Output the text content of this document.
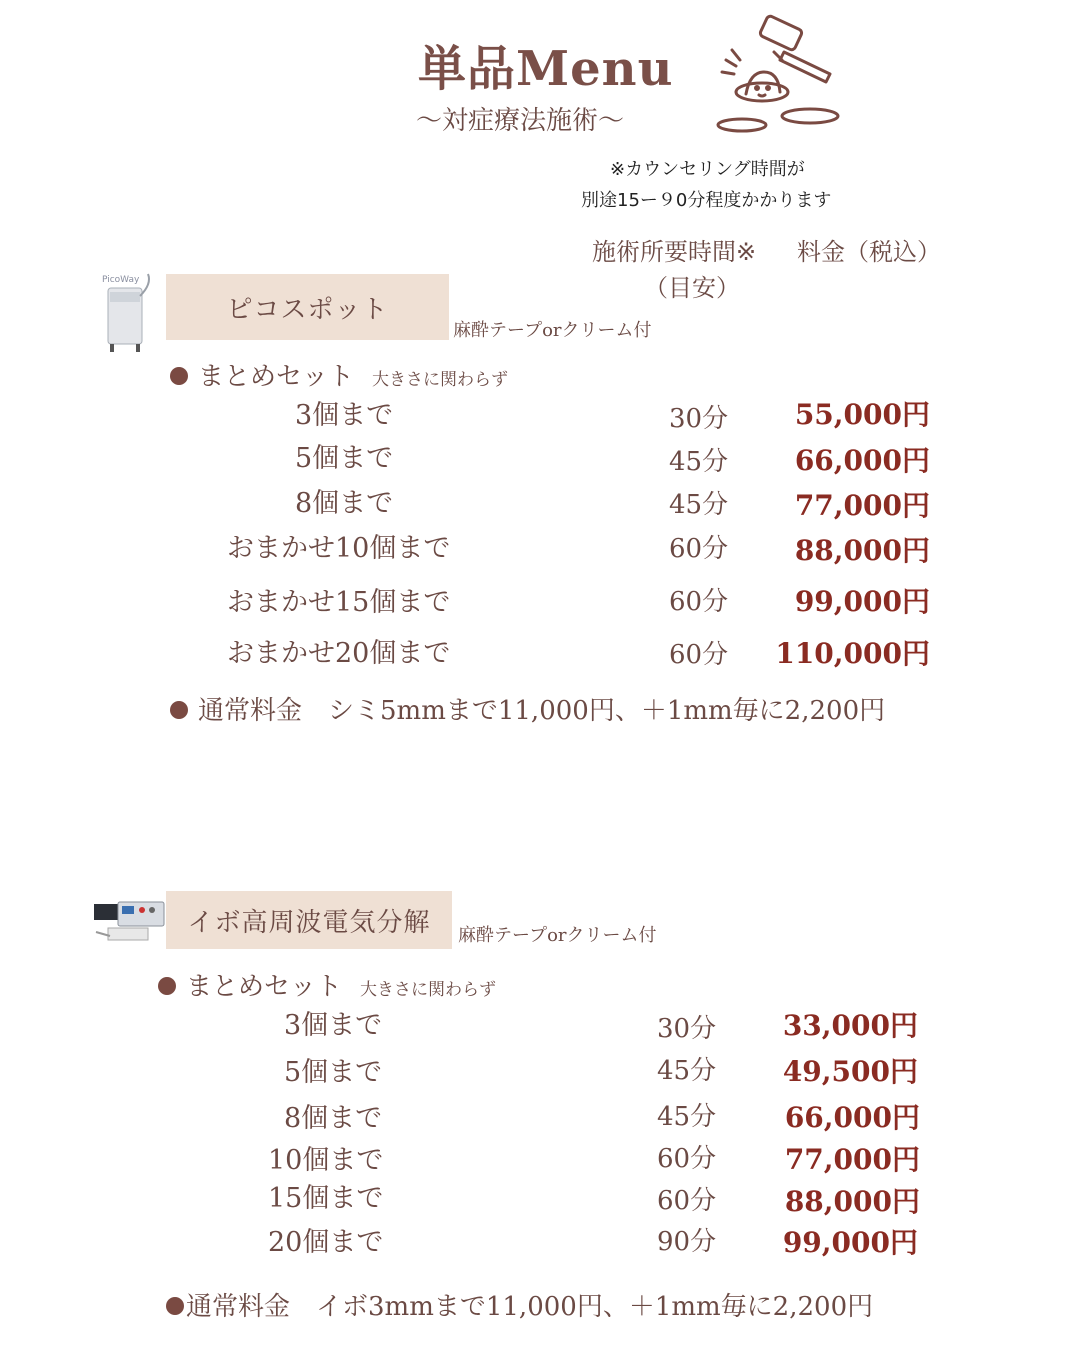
単品Menu
〜対症療法施術〜
※カウンセリング時間が
別途15ー９0分程度かかります
施術所要時間※
（目安）
料金（税込）
PicoWay
ピコスポット
麻酔テープorクリーム付
まとめセット 大きさに関わらず
3個まで	30分	55,000円
5個まで	45分	66,000円
8個まで	45分	77,000円
おまかせ10個まで	60分	88,000円
おまかせ15個まで	60分	99,000円
おまかせ20個まで	60分	110,000円
通常料金　シミ5mmまで11,000円、＋1mm毎に2,200円
イボ高周波電気分解 麻酔テープorクリーム付
まとめセット 大きさに関わらず
3個まで	30分	33,000円
5個まで	45分	49,500円
8個まで	45分	66,000円
10個まで	60分	77,000円
15個まで	60分	88,000円
20個まで	90分	99,000円
通常料金　イボ3mmまで11,000円、＋1mm毎に2,200円
